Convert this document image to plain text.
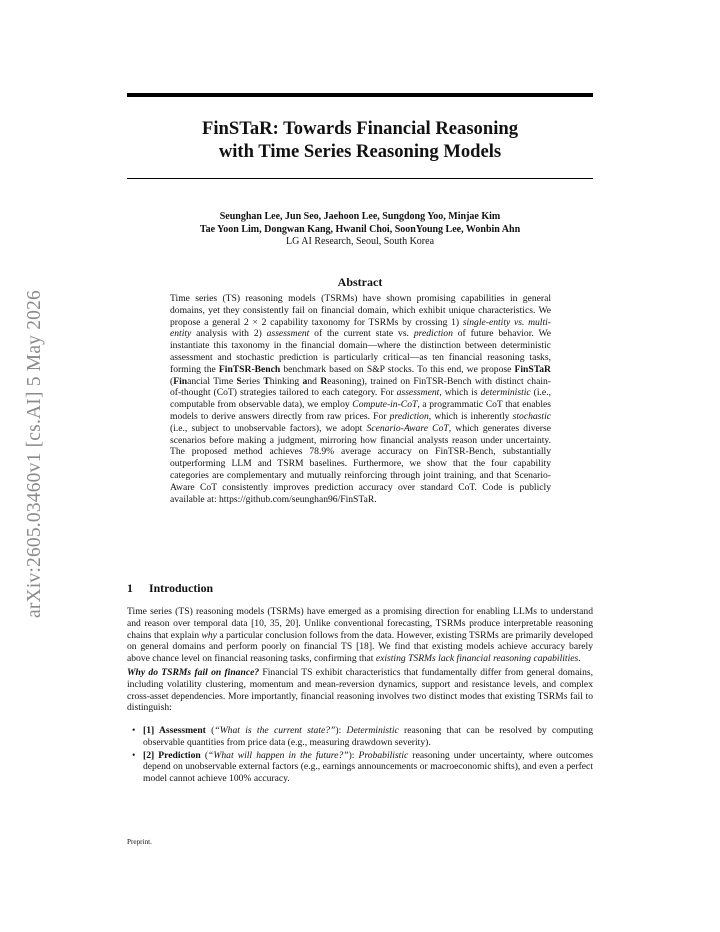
arXiv:2605.03460v1 [cs.AI] 5 May 2026
FinSTaR: Towards Financial Reasoning
with Time Series Reasoning Models
Seunghan Lee, Jun Seo, Jaehoon Lee, Sungdong Yoo, Minjae Kim
Tae Yoon Lim, Dongwan Kang, Hwanil Choi, SoonYoung Lee, Wonbin Ahn
LG AI Research, Seoul, South Korea
Abstract

Time series (TS) reasoning models (TSRMs) have shown promising capabilities in general domains, yet they consistently fail on financial domain, which exhibit unique characteristics. We propose a general 2 × 2 capability taxonomy for TSRMs by crossing 1) single-entity vs. multi-entity analysis with 2) assessment of the current state vs. prediction of future behavior. We instantiate this taxonomy in the financial domain—where the distinction between deterministic assessment and stochastic prediction is particularly critical—as ten financial reasoning tasks, forming the FinTSR-Bench benchmark based on S&P stocks. To this end, we propose FinSTaR (Financial Time Series Thinking and Reasoning), trained on FinTSR-Bench with distinct chain-of-thought (CoT) strategies tailored to each category. For assessment, which is deterministic (i.e., computable from observable data), we employ Compute-in-CoT, a programmatic CoT that enables models to derive answers directly from raw prices. For prediction, which is inherently stochastic (i.e., subject to unobservable factors), we adopt Scenario-Aware CoT, which generates diverse scenarios before making a judgment, mirroring how financial analysts reason under uncertainty. The proposed method achieves 78.9% average accuracy on FinTSR-Bench, substantially outperforming LLM and TSRM baselines. Furthermore, we show that the four capability categories are complementary and mutually reinforcing through joint training, and that Scenario-Aware CoT consistently improves prediction accuracy over standard CoT. Code is publicly available at: https://github.com/seunghan96/FinSTaR.

1 Introduction

Time series (TS) reasoning models (TSRMs) have emerged as a promising direction for enabling LLMs to understand and reason over temporal data [10, 35, 20]. Unlike conventional forecasting, TSRMs produce interpretable reasoning chains that explain why a particular conclusion follows from the data. However, existing TSRMs are primarily developed on general domains and perform poorly on financial TS [18]. We find that existing models achieve accuracy barely above chance level on financial reasoning tasks, confirming that existing TSRMs lack financial reasoning capabilities.

Why do TSRMs fail on finance? Financial TS exhibit characteristics that fundamentally differ from general domains, including volatility clustering, momentum and mean-reversion dynamics, support and resistance levels, and complex cross-asset dependencies. More importantly, financial reasoning involves two distinct modes that existing TSRMs fail to distinguish:

• [1] Assessment (“What is the current state?”): Deterministic reasoning that can be resolved by computing observable quantities from price data (e.g., measuring drawdown severity).
• [2] Prediction (“What will happen in the future?”): Probabilistic reasoning under uncertainty, where outcomes depend on unobservable external factors (e.g., earnings announcements or macroeconomic shifts), and even a perfect model cannot achieve 100% accuracy.
Preprint.
